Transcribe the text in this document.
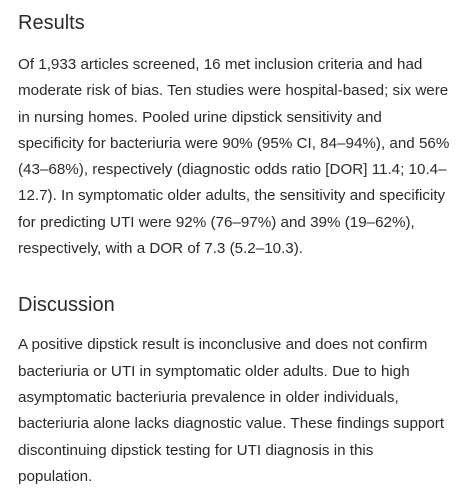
Results

Of 1,933 articles screened, 16 met inclusion criteria and had moderate risk of bias. Ten studies were hospital-based; six were in nursing homes. Pooled urine dipstick sensitivity and specificity for bacteriuria were 90% (95% CI, 84–94%), and 56% (43–68%), respectively (diagnostic odds ratio [DOR] 11.4; 10.4–12.7). In symptomatic older adults, the sensitivity and specificity for predicting UTI were 92% (76–97%) and 39% (19–62%), respectively, with a DOR of 7.3 (5.2–10.3).

Discussion

A positive dipstick result is inconclusive and does not confirm bacteriuria or UTI in symptomatic older adults. Due to high asymptomatic bacteriuria prevalence in older individuals, bacteriuria alone lacks diagnostic value. These findings support discontinuing dipstick testing for UTI diagnosis in this population.
